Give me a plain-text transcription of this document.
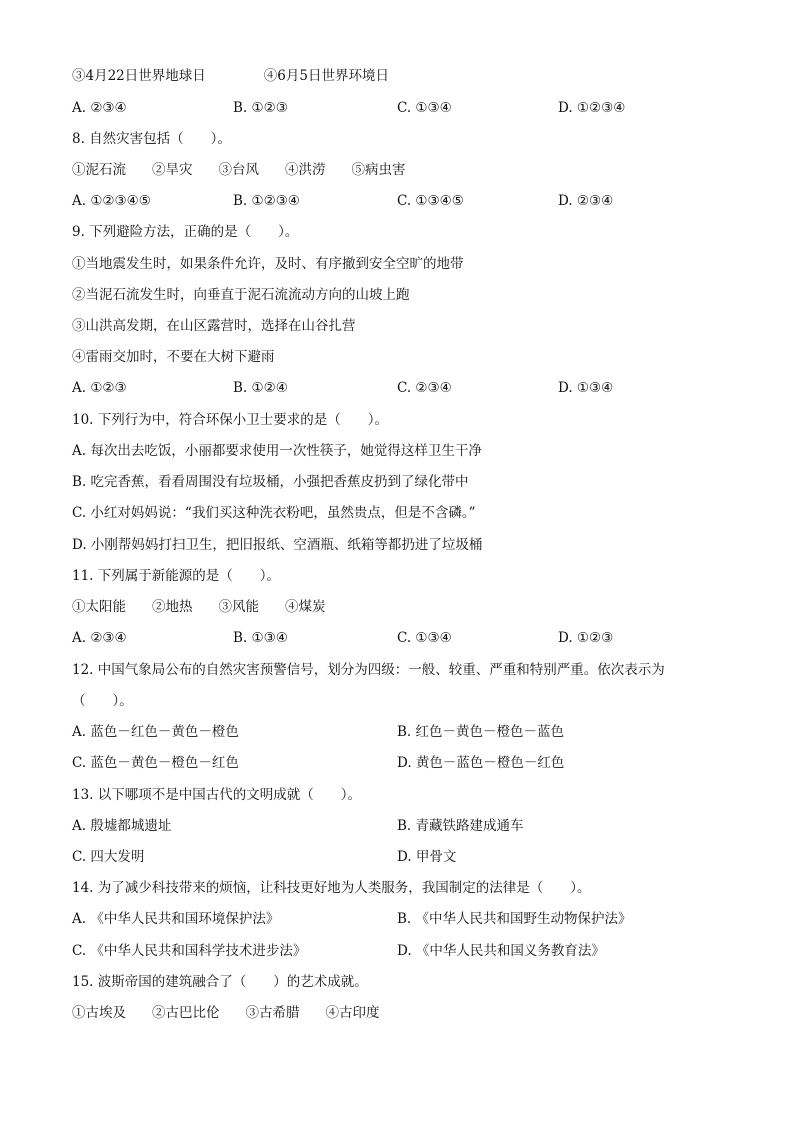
③4月22日世界地球日	④6月5日世界环境日
A. ②③④	B. ①②③	C. ①③④	D. ①②③④
8. 自然灾害包括（　　）。
①泥石流 ②旱灾 ③台风 ④洪涝 ⑤病虫害
A. ①②③④⑤	B. ①②③④	C. ①③④⑤	D. ②③④
9. 下列避险方法，正确的是（　　）。
①当地震发生时，如果条件允许，及时、有序撤到安全空旷的地带
②当泥石流发生时，向垂直于泥石流流动方向的山坡上跑
③山洪高发期，在山区露营时，选择在山谷扎营
④雷雨交加时，不要在大树下避雨
A. ①②③	B. ①②④	C. ②③④	D. ①③④
10. 下列行为中，符合环保小卫士要求的是（　　）。
A. 每次出去吃饭，小丽都要求使用一次性筷子，她觉得这样卫生干净
B. 吃完香蕉，看看周围没有垃圾桶，小强把香蕉皮扔到了绿化带中
C. 小红对妈妈说：“我们买这种洗衣粉吧，虽然贵点，但是不含磷。”
D. 小刚帮妈妈打扫卫生，把旧报纸、空酒瓶、纸箱等都扔进了垃圾桶
11. 下列属于新能源的是（　　）。
①太阳能 ②地热 ③风能 ④煤炭
A. ②③④	B. ①③④	C. ①③④	D. ①②③
12. 中国气象局公布的自然灾害预警信号，划分为四级：一般、较重、严重和特别严重。依次表示为
（　　）。
A. 蓝色－红色－黄色－橙色	B. 红色－黄色－橙色－蓝色
C. 蓝色－黄色－橙色－红色	D. 黄色－蓝色－橙色－红色
13. 以下哪项不是中国古代的文明成就（　　）。
A. 殷墟都城遗址	B. 青藏铁路建成通车
C. 四大发明	D. 甲骨文
14. 为了减少科技带来的烦恼，让科技更好地为人类服务，我国制定的法律是（　　）。
A. 《中华人民共和国环境保护法》	B. 《中华人民共和国野生动物保护法》
C. 《中华人民共和国科学技术进步法》	D. 《中华人民共和国义务教育法》
15. 波斯帝国的建筑融合了（　　）的艺术成就。
①古埃及 ②古巴比伦 ③古希腊 ④古印度
